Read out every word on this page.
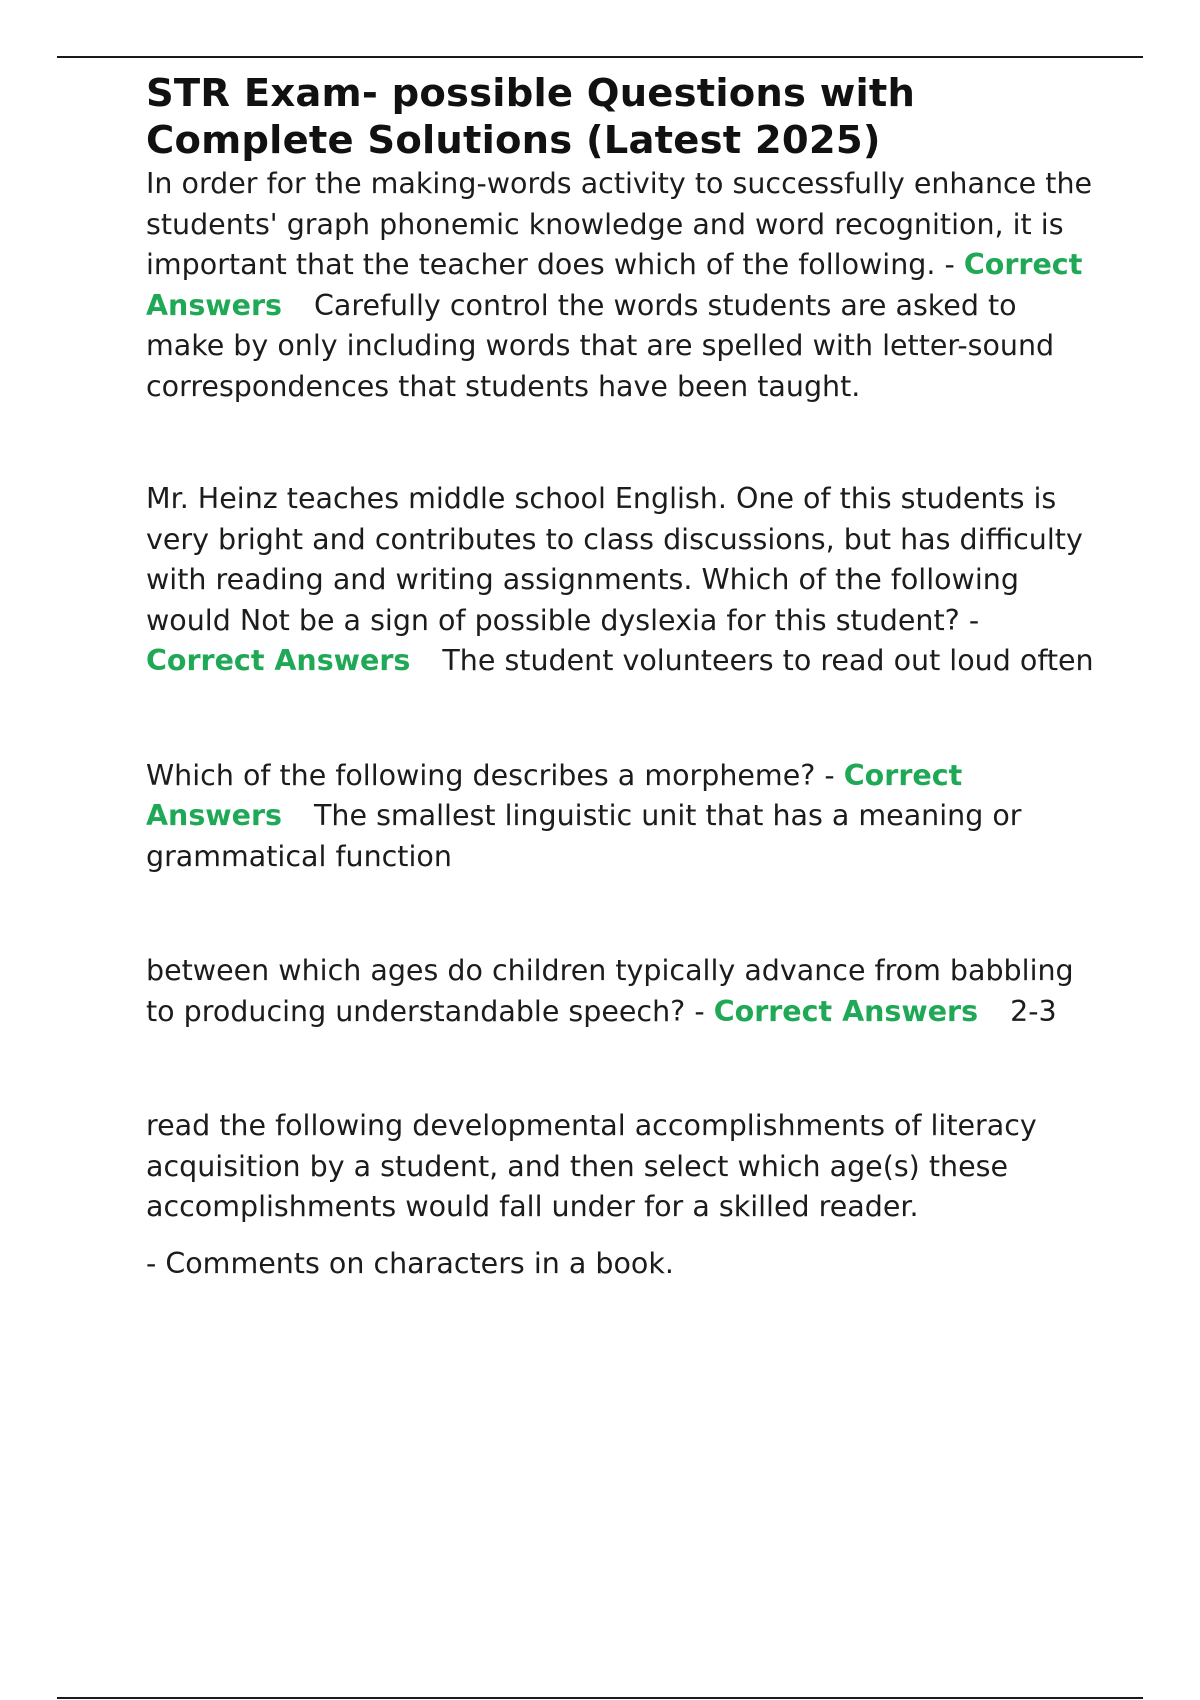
STR Exam- possible Questions with Complete Solutions (Latest 2025)

In order for the making-words activity to successfully enhance the students' graph phonemic knowledge and word recognition, it is important that the teacher does which of the following. - Correct Answers Carefully control the words students are asked to make by only including words that are spelled with letter-sound correspondences that students have been taught.

Mr. Heinz teaches middle school English. One of this students is very bright and contributes to class discussions, but has difficulty with reading and writing assignments. Which of the following would Not be a sign of possible dyslexia for this student? - Correct Answers The student volunteers to read out loud often

Which of the following describes a morpheme? - Correct Answers The smallest linguistic unit that has a meaning or grammatical function

between which ages do children typically advance from babbling to producing understandable speech? - Correct Answers 2-3

read the following developmental accomplishments of literacy acquisition by a student, and then select which age(s) these accomplishments would fall under for a skilled reader.

- Comments on characters in a book.
